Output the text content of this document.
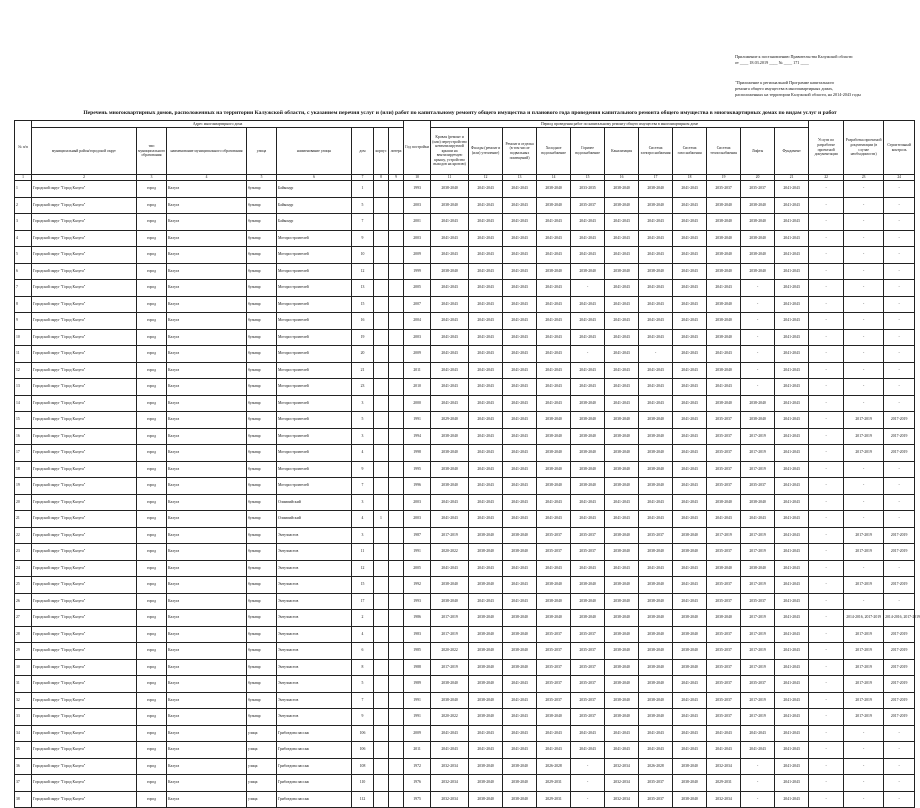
Приложение к постановлению Правительства Калужской области
от ____ 18.03.2019 ____ № ____ 171 ____
"Приложение к региональной Программе капитального
ремонта общего имущества в многоквартирных домах,
расположенных на территории Калужской области, на 2014-2043 годы
Перечень многоквартирных домов, расположенных на территории Калужской области, с указанием перечня услуг и (или) работ по капитальному ремонту общего имущества и планового года проведения капитального ремонта общего имущества в многоквартирных домах по видам услуг и работ
№ п/п	Адрес многоквартирного дома								Год постройки	Период проведения работ по капитальному ремонту общего имущества в многоквартирном доме											Услуги по разработке проектной документации	Разработка проектной документации (в случае необходимости)	Строительный контроль
	муниципальный район/городской округ	тип муниципального образования	наименование муниципального образования	улица	наименование улицы	дом	корпус	литера		Кровля (ремонт и (или) переустройство невентилируемой крыши на вентилируемую крышу, устройство выходов на кровлю)	Фасады (ремонт и (или) утепление)	Ремонт и отделка (в том числе подвальных помещений)	Холодное водоснабжение	Горячее водоснабжение	Канализация	Система электроснабжения	Система газоснабжения	Система теплоснабжения	Лифты	Фундамент			
1	2	3	4	5	6	7	8	9	10	11	12	13	14	15	16	17	18	19	20	21	22	23	24
1	Городской округ "Город Калуга"	город	Калуга	бульвар	Байконур	1			1993	2038-2040	2041-2043	2041-2043	2038-2040	2033-2035	2038-2040	2038-2040	2041-2043	2035-2037	2035-2037	2041-2043	-	-	-
2	Городской округ "Город Калуга"	город	Калуга	бульвар	Байконур	5			2003	2038-2040	2041-2043	2041-2043	2038-2040	2035-2037	2038-2040	2038-2040	2041-2043	2038-2040	2038-2040	2041-2043	-	-	-
3	Городской округ "Город Калуга"	город	Калуга	бульвар	Байконур	7			2001	2041-2043	2041-2043	2041-2043	2041-2043	2041-2043	2041-2043	2041-2043	2041-2043	2038-2040	2038-2040	2041-2043	-	-	-
4	Городской округ "Город Калуга"	город	Калуга	бульвар	Моторостроителей	9			2003	2041-2043	2041-2043	2041-2043	2041-2043	2041-2043	2041-2043	2041-2043	2041-2043	2038-2040	2038-2040	2041-2043	-	-	-
5	Городской округ "Город Калуга"	город	Калуга	бульвар	Моторостроителей	10			2009	2041-2043	2041-2043	2041-2043	2041-2043	2041-2043	2041-2043	2041-2043	2041-2043	2038-2040	2038-2040	2041-2043	-	-	-
6	Городской округ "Город Калуга"	город	Калуга	бульвар	Моторостроителей	12			1999	2038-2040	2041-2043	2041-2043	2038-2040	2038-2040	2038-2040	2038-2040	2041-2043	2038-2040	2038-2040	2041-2043	-	-	-
7	Городской округ "Город Калуга"	город	Калуга	бульвар	Моторостроителей	13			2005	2041-2043	2041-2043	2041-2043	2041-2043	-	2041-2043	2041-2043	2041-2043	2041-2043	-	2041-2043	-	-	-
8	Городской округ "Город Калуга"	город	Калуга	бульвар	Моторостроителей	15			2007	2041-2043	2041-2043	2041-2043	2041-2043	2041-2043	2041-2043	2041-2043	2041-2043	2038-2040	-	2041-2043	-	-	-
9	Городской округ "Город Калуга"	город	Калуга	бульвар	Моторостроителей	16			2004	2041-2043	2041-2043	2041-2043	2041-2043	2041-2043	2041-2043	2041-2043	2041-2043	2038-2040	-	2041-2043	-	-	-
10	Городской округ "Город Калуга"	город	Калуга	бульвар	Моторостроителей	19			2003	2041-2043	2041-2043	2041-2043	2041-2043	2041-2043	2041-2043	2041-2043	2041-2043	2038-2040	-	2041-2043	-	-	-
11	Городской округ "Город Калуга"	город	Калуга	бульвар	Моторостроителей	20			2009	2041-2043	2041-2043	2041-2043	2041-2043	-	2041-2043	-	2041-2043	2041-2043	-	2041-2043	-	-	-
12	Городской округ "Город Калуга"	город	Калуга	бульвар	Моторостроителей	21			2011	2041-2043	2041-2043	2041-2043	2041-2043	2041-2043	2041-2043	2041-2043	2041-2043	2038-2040	-	2041-2043	-	-	-
13	Городской округ "Город Калуга"	город	Калуга	бульвар	Моторостроителей	23			2010	2041-2043	2041-2043	2041-2043	2041-2043	2041-2043	2041-2043	2041-2043	2041-2043	2041-2043	-	2041-2043	-	-	-
14	Городской округ "Город Калуга"	город	Калуга	бульвар	Моторостроителей	3			2000	2041-2043	2041-2043	2041-2043	2041-2043	2038-2040	2041-2043	2041-2043	2041-2043	2038-2040	2038-2040	2041-2043	-	-	-
15	Городской округ "Город Калуга"	город	Калуга	бульвар	Моторостроителей	5			1991	2029-2040	2041-2043	2041-2043	2038-2040	2038-2040	2038-2040	2038-2040	2041-2043	2035-2037	2038-2040	2041-2043	-	2017-2019	2017-2019
16	Городской округ "Город Калуга"	город	Калуга	бульвар	Моторостроителей	3			1994	2038-2040	2041-2043	2041-2043	2038-2040	2038-2040	2038-2040	2038-2040	2041-2043	2035-2037	2017-2019	2041-2043	-	2017-2019	2017-2019
17	Городской округ "Город Калуга"	город	Калуга	бульвар	Моторостроителей	4			1998	2038-2040	2041-2043	2041-2043	2038-2040	2038-2040	2038-2040	2038-2040	2041-2043	2035-2037	2017-2019	2041-2043	-	2017-2019	2017-2019
18	Городской округ "Город Калуга"	город	Калуга	бульвар	Моторостроителей	9			1995	2038-2040	2041-2043	2041-2043	2038-2040	2038-2040	2038-2040	2038-2040	2041-2043	2035-2037	2017-2019	2041-2043	-	-	-
19	Городской округ "Город Калуга"	город	Калуга	бульвар	Моторостроителей	7			1996	2038-2040	2041-2043	2041-2043	2038-2040	2038-2040	2038-2040	2038-2040	2041-2043	2035-2037	2035-2037	2041-2043	-	-	-
20	Городской округ "Город Калуга"	город	Калуга	бульвар	Олимпийский	3			2003	2041-2043	2041-2043	2041-2043	2041-2043	2041-2043	2041-2043	2041-2043	2041-2043	2038-2040	2038-2040	2041-2043	-	-	-
21	Городской округ "Город Калуга"	город	Калуга	бульвар	Олимпийский	4	1		2003	2041-2043	2041-2043	2041-2043	2041-2043	2041-2043	2041-2043	2041-2043	2041-2043	2041-2043	2041-2043	2041-2043	-	-	-
22	Городской округ "Город Калуга"	город	Калуга	бульвар	Энтузиастов	3			1987	2017-2019	2038-2040	2038-2040	2035-2037	2035-2037	2038-2040	2035-2037	2038-2040	2017-2019	2017-2019	2041-2043	-	2017-2019	2017-2019
23	Городской округ "Город Калуга"	город	Калуга	бульвар	Энтузиастов	11			1991	2020-2022	2038-2040	2038-2040	2035-2037	2035-2037	2038-2040	2038-2040	2038-2040	2035-2037	2017-2019	2041-2043	-	2017-2019	2017-2019
24	Городской округ "Город Калуга"	город	Калуга	бульвар	Энтузиастов	12			2005	2041-2043	2041-2043	2041-2043	2041-2043	2041-2043	2041-2043	2041-2043	2041-2043	2038-2040	2038-2040	2041-2043	-	-	-
25	Городской округ "Город Калуга"	город	Калуга	бульвар	Энтузиастов	15			1992	2038-2040	2038-2040	2041-2043	2038-2040	2038-2040	2038-2040	2038-2040	2041-2043	2035-2037	2017-2019	2041-2043	-	2017-2019	2017-2019
26	Городской округ "Город Калуга"	город	Калуга	бульвар	Энтузиастов	17			1993	2038-2040	2041-2043	2041-2043	2038-2040	2038-2040	2038-2040	2038-2040	2041-2043	2035-2037	2035-2037	2041-2043	-	-	-
27	Городской округ "Город Калуга"	город	Калуга	бульвар	Энтузиастов	2			1986	2017-2019	2038-2040	2038-2040	2038-2040	2038-2040	2038-2040	2038-2040	2038-2040	2038-2040	2017-2019	2041-2043	-	2014-2016, 2017-2019	2014-2016, 2017-2019
28	Городской округ "Город Калуга"	город	Калуга	бульвар	Энтузиастов	4			1983	2017-2019	2038-2040	2038-2040	2035-2037	2035-2037	2038-2040	2038-2040	2038-2040	2035-2037	2017-2019	2041-2043	-	2017-2019	2017-2019
29	Городской округ "Город Калуга"	город	Калуга	бульвар	Энтузиастов	6			1985	2020-2022	2038-2040	2038-2040	2035-2037	2035-2037	2038-2040	2038-2040	2038-2040	2035-2037	2017-2019	2041-2043	-	2017-2019	2017-2019
30	Городской округ "Город Калуга"	город	Калуга	бульвар	Энтузиастов	8			1988	2017-2019	2038-2040	2038-2040	2035-2037	2035-2037	2038-2040	2038-2040	2038-2040	2035-2037	2017-2019	2041-2043	-	2017-2019	2017-2019
31	Городской округ "Город Калуга"	город	Калуга	бульвар	Энтузиастов	5			1989	2038-2040	2038-2040	2041-2043	2035-2037	2035-2037	2038-2040	2038-2040	2041-2043	2035-2037	2035-2037	2041-2043	-	2017-2019	2017-2019
32	Городской округ "Город Калуга"	город	Калуга	бульвар	Энтузиастов	7			1991	2038-2040	2038-2040	2041-2043	2035-2037	2035-2037	2038-2040	2038-2040	2041-2043	2035-2037	2017-2019	2041-2043	-	2017-2019	2017-2019
33	Городской округ "Город Калуга"	город	Калуга	бульвар	Энтузиастов	9			1991	2020-2022	2038-2040	2041-2043	2038-2040	2035-2037	2038-2040	2038-2040	2041-2043	2035-2037	2017-2019	2041-2043	-	2017-2019	2017-2019
34	Городской округ "Город Калуга"	город	Калуга	улица	Грибоедова пассаж	106			2009	2041-2043	2041-2043	2041-2043	2041-2043	2041-2043	2041-2043	2041-2043	2041-2043	2041-2043	2041-2043	2041-2043	-	-	-
35	Городской округ "Город Калуга"	город	Калуга	улица	Грибоедова пассаж	106			2011	2041-2043	2041-2043	2041-2043	2041-2043	2041-2043	2041-2043	2041-2043	2041-2043	2041-2043	2041-2043	2041-2043	-	-	-
36	Городской округ "Город Калуга"	город	Калуга	улица	Грибоедова пассаж	108			1972	2032-2034	2038-2040	2038-2040	2026-2028	-	2032-2034	2026-2028	2038-2040	2032-2034	-	2041-2043	-	-	-
37	Городской округ "Город Калуга"	город	Калуга	улица	Грибоедова пассаж	110			1976	2032-2034	2038-2040	2038-2040	2029-2031	-	2032-2034	2035-2037	2038-2040	2029-2031	-	2041-2043	-	-	-
38	Городской округ "Город Калуга"	город	Калуга	улица	Грибоедова пассаж	112			1975	2032-2034	2038-2040	2038-2040	2029-2031	-	2032-2034	2035-2037	2038-2040	2032-2034	-	2041-2043	-	-	-
